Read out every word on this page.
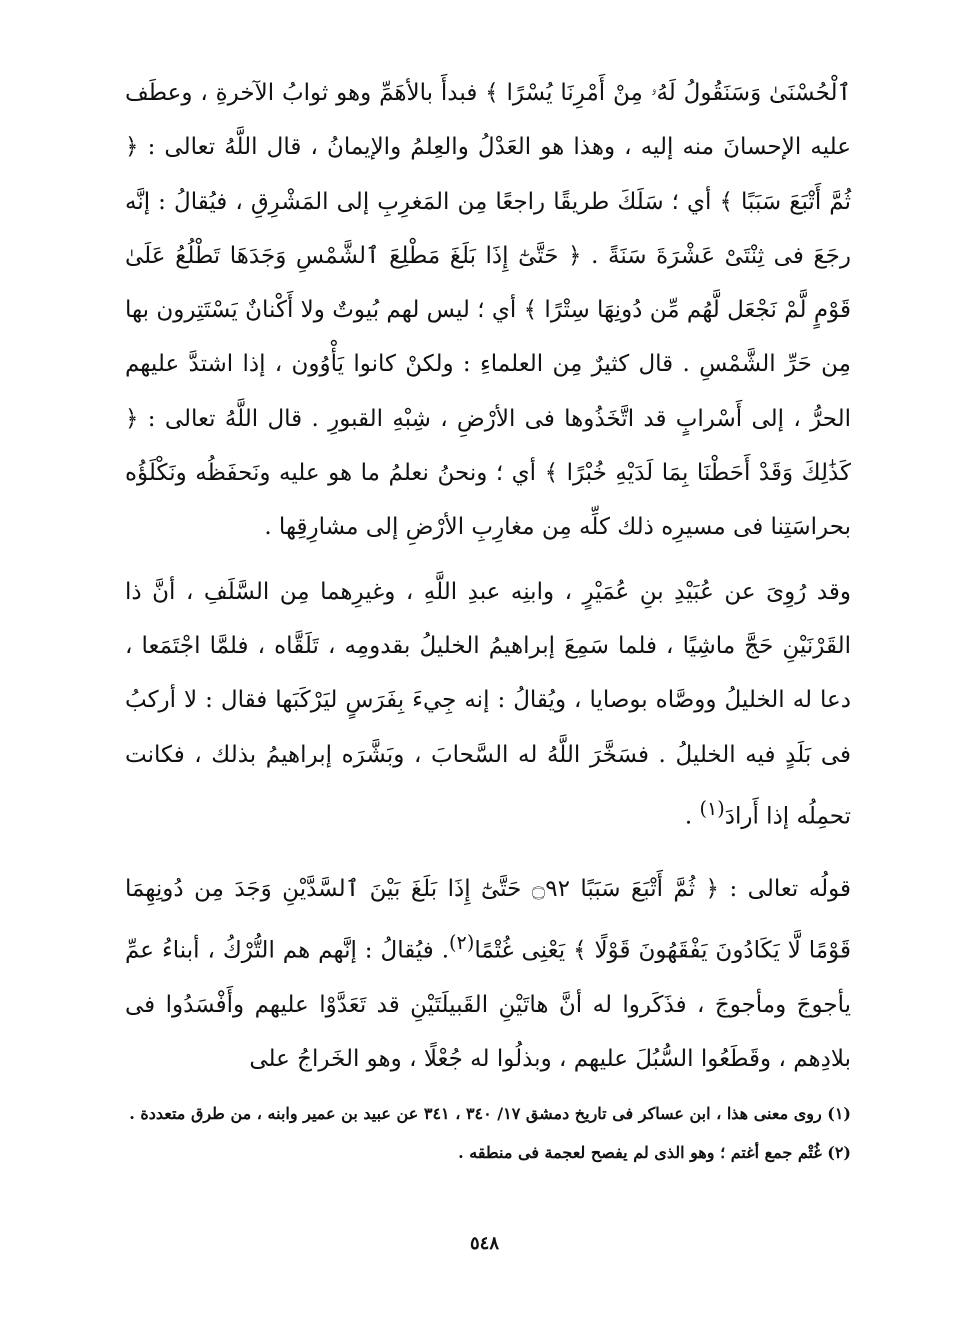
ٱلْحُسْنَىٰ وَسَنَقُولُ لَهُۥ مِنْ أَمْرِنَا يُسْرًا ﴾ فبدأَ بالأهَمِّ وهو ثوابُ الآخرةِ ، وعطَف عليه الإحسانَ منه إليه ، وهذا هو العَدْلُ والعِلمُ والإيمانُ ، قال اللَّهُ تعالى : ﴿ ثُمَّ أَتْبَعَ سَبَبًا ﴾ أي ؛ سَلَكَ طريقًا راجعًا مِن المَغرِبِ إلى المَشْرِقِ ، فيُقالُ : إنَّه رجَعَ فى ثِنْتَىْ عَشْرَةَ سَنَةً . ﴿ حَتَّىٰٓ إِذَا بَلَغَ مَطْلِعَ ٱلشَّمْسِ وَجَدَهَا تَطْلُعُ عَلَىٰ قَوْمٍ لَّمْ نَجْعَل لَّهُم مِّن دُونِهَا سِتْرًا ﴾ أي ؛ ليس لهم بُيوتٌ ولا أَكْنانٌ يَسْتَتِرون بها مِن حَرِّ الشَّمْسِ . قال كثيرٌ مِن العلماءِ : ولكنْ كانوا يَأْوُون ، إذا اشتدَّ عليهم الحرُّ ، إلى أَسْرابٍ قد اتَّخَذُوها فى الأرْضِ ، شِبْهِ القبورِ . قال اللَّهُ تعالى : ﴿ كَذَٰلِكَ وَقَدْ أَحَطْنَا بِمَا لَدَيْهِ خُبْرًا ﴾ أي ؛ ونحنُ نعلمُ ما هو عليه ونَحفَظُه ونَكْلَؤُه بحراسَتِنا فى مسيرِه ذلك كلِّه مِن مغارِبِ الأرْضِ إلى مشارِقِها .

وقد رُوِىَ عن عُبَيْدِ بنِ عُمَيْرٍ ، وابنِه عبدِ اللَّهِ ، وغيرِهما مِن السَّلَفِ ، أنَّ ذا القَرْنَيْنِ حَجَّ ماشِيًا ، فلما سَمِعَ إبراهيمُ الخليلُ بقدومِه ، تَلَقَّاه ، فلمَّا اجْتَمَعا ، دعا له الخليلُ ووصَّاه بوصايا ، ويُقالُ : إنه جِيءَ بِفَرَسٍ ليَرْكَبَها فقال : لا أركبُ فى بَلَدٍ فيه الخليلُ . فسَخَّرَ اللَّهُ له السَّحابَ ، وبَشَّرَه إبراهيمُ بذلك ، فكانت تحمِلُه إذا أَرادَ$^{(١)}$ .

قولُه تعالى : ﴿ ثُمَّ أَتْبَعَ سَبَبًا ۝٩٢ حَتَّىٰٓ إِذَا بَلَغَ بَيْنَ ٱلسَّدَّيْنِ وَجَدَ مِن دُونِهِمَا قَوْمًا لَّا يَكَادُونَ يَفْقَهُونَ قَوْلًا ﴾ يَعْنِى غُتْمًا$^{(٢)}$. فيُقالُ : إنَّهم هم التُّرْكُ ، أبناءُ عمِّ يأجوجَ ومأجوجَ ، فذَكَروا له أنَّ هاتَيْنِ القَبيلَتَيْنِ قد تَعَدَّوْا عليهم وأَفْسَدُوا فى بلادِهم ، وقَطَعُوا السُّبُلَ عليهم ، وبذلُوا له جُعْلًا ، وهو الخَراجُ على

(١) روى معنى هذا ، ابن عساكر فى تاريخ دمشق ١٧/ ٣٤٠ ، ٣٤١ عن عبيد بن عمير وابنه ، من طرق متعددة .

(٢) غُتْم جمع أغتم ؛ وهو الذى لم يفصح لعجمة فى منطقه .

٥٤٨
